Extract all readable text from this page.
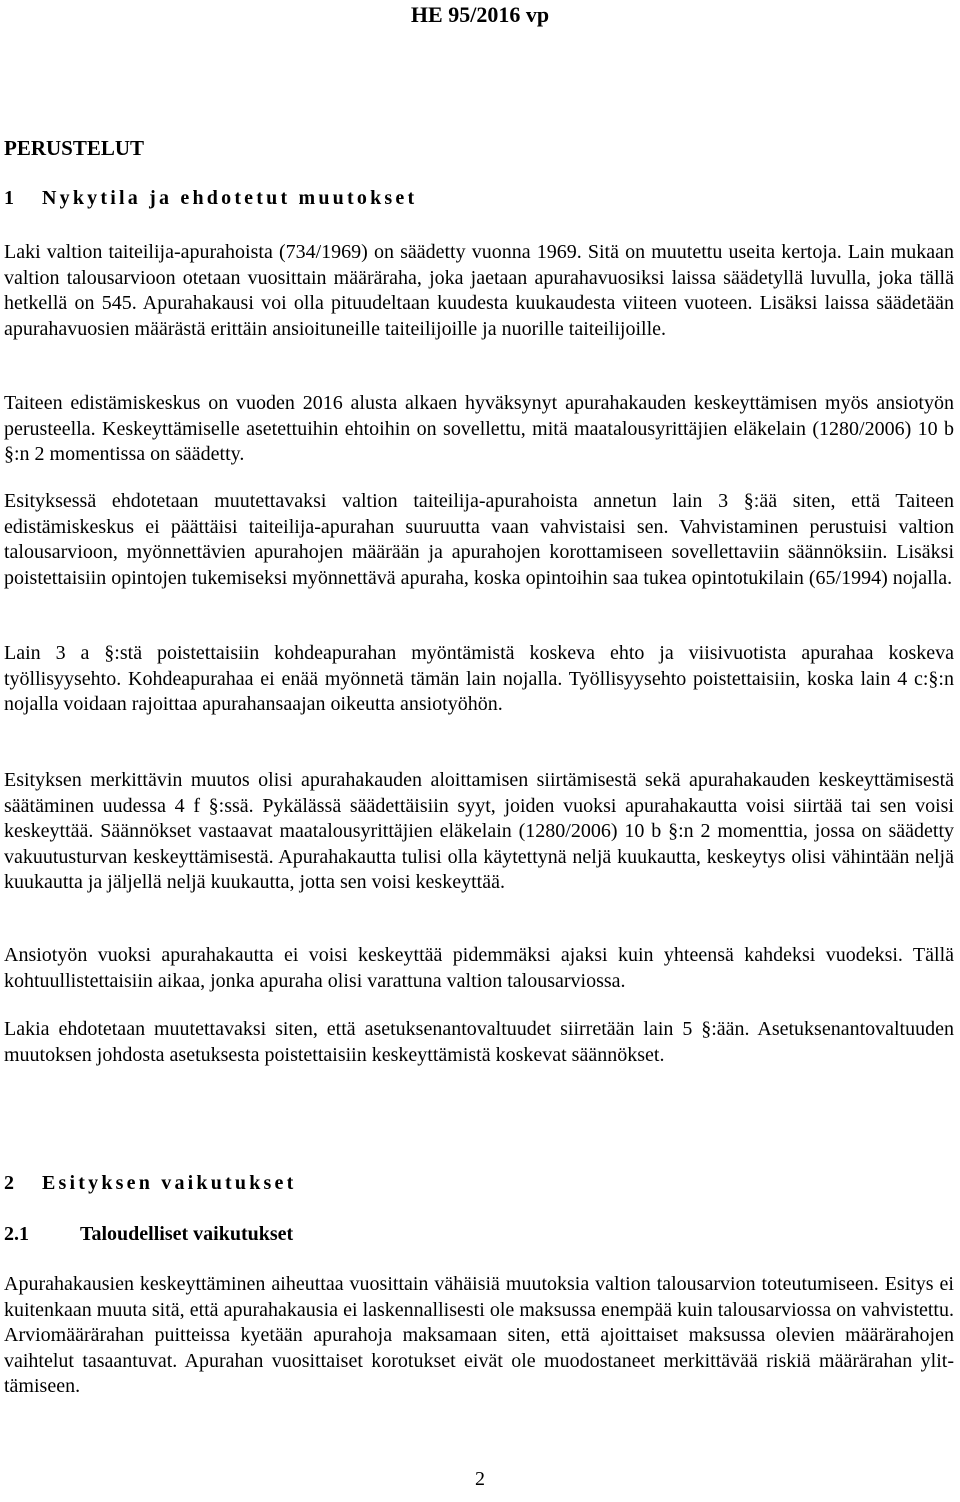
HE 95/2016 vp
PERUSTELUT
1 Nykytila ja ehdotetut muutokset

Laki valtion taiteilija-apurahoista (734/1969) on säädetty vuonna 1969. Sitä on muutettu useita kertoja. Lain mukaan valtion talousarvioon otetaan vuosittain määräraha, joka jaetaan apurahavuosiksi laissa säädetyllä luvulla, joka tällä hetkellä on 545. Apurahakausi voi olla pituudeltaan kuudesta kuukaudesta viiteen vuoteen. Lisäksi laissa säädetään apurahavuosien määrästä erittäin ansioituneille taiteilijoille ja nuorille taiteilijoille.

Taiteen edistämiskeskus on vuoden 2016 alusta alkaen hyväksynyt apurahakauden keskeyttämisen myös ansiotyön perusteella. Keskeyttämiselle asetettuihin ehtoihin on sovellettu, mitä maatalousyrittäjien eläkelain (1280/2006) 10 b §:n 2 momentissa on säädetty.

Esityksessä ehdotetaan muutettavaksi valtion taiteilija-apurahoista annetun lain 3 §:ää siten, että Taiteen edistämiskeskus ei päättäisi taiteilija-apurahan suuruutta vaan vahvistaisi sen. Vahvistaminen perustuisi valtion talousarvioon, myönnettävien apurahojen määrään ja apurahojen korottamiseen sovellettaviin säännöksiin. Lisäksi poistettaisiin opintojen tukemiseksi myönnettävä apuraha, koska opintoihin saa tukea opintotukilain (65/1994) nojalla.

Lain 3 a §:stä poistettaisiin kohdeapurahan myöntämistä koskeva ehto ja viisivuotista apurahaa koskeva työllisyysehto. Kohdeapurahaa ei enää myönnetä tämän lain nojalla. Työllisyysehto poistettaisiin, koska lain 4 c:§:n nojalla voidaan rajoittaa apurahansaajan oikeutta ansiotyöhön.

Esityksen merkittävin muutos olisi apurahakauden aloittamisen siirtämisestä sekä apurahakauden keskeyttämisestä säätäminen uudessa 4 f §:ssä. Pykälässä säädettäisiin syyt, joiden vuoksi apurahakautta voisi siirtää tai sen voisi keskeyttää. Säännökset vastaavat maatalousyrittäjien eläkelain (1280/2006) 10 b §:n 2 momenttia, jossa on säädetty vakuutusturvan keskeyttämisestä. Apurahakautta tulisi olla käytettynä neljä kuukautta, keskeytys olisi vähintään neljä kuukautta ja jäljellä neljä kuukautta, jotta sen voisi keskeyttää.

Ansiotyön vuoksi apurahakautta ei voisi keskeyttää pidemmäksi ajaksi kuin yhteensä kahdeksi vuodeksi. Tällä kohtuullistettaisiin aikaa, jonka apuraha olisi varattuna valtion talousarviossa.

Lakia ehdotetaan muutettavaksi siten, että asetuksenantovaltuudet siirretään lain 5 §:ään. Asetuksenantovaltuuden muutoksen johdosta asetuksesta poistettaisiin keskeyttämistä koskevat säännökset.

2 Esityksen vaikutukset
2.1	Taloudelliset vaikutukset

Apurahakausien keskeyttäminen aiheuttaa vuosittain vähäisiä muutoksia valtion talousarvion toteutumiseen. Esitys ei kuitenkaan muuta sitä, että apurahakausia ei laskennallisesti ole maksussa enempää kuin talousarviossa on vahvistettu. Arviomäärärahan puitteissa kyetään apurahoja maksamaan siten, että ajoittaiset maksussa olevien määrärahojen vaihtelut tasaantuvat. Apurahan vuosittaiset korotukset eivät ole muodostaneet merkittävää riskiä määrärahan ylittämiseen.

2
